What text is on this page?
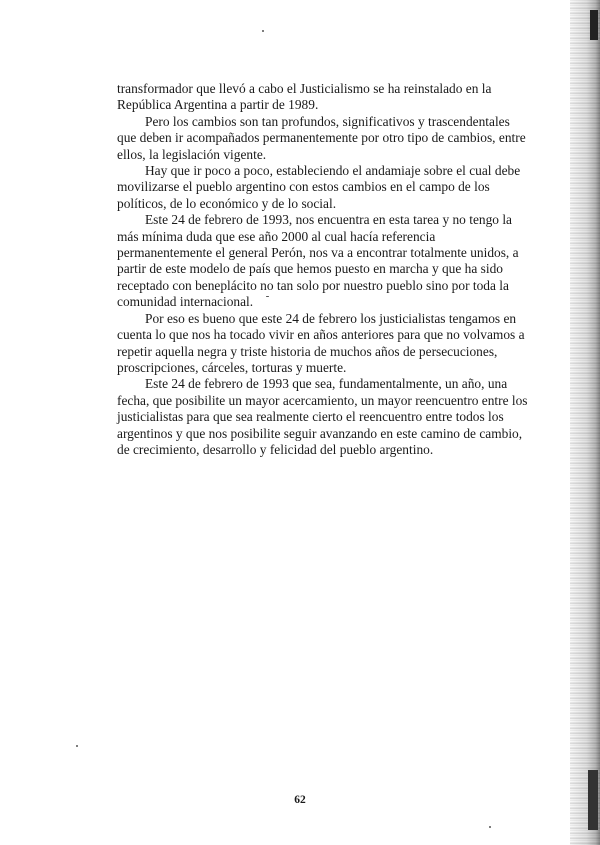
transformador que llevó a cabo el Justicialismo se ha reinstalado en la República Argentina a partir de 1989.

Pero los cambios son tan profundos, significativos y trascendentales que deben ir acompañados permanentemente por otro tipo de cambios, entre ellos, la legislación vigente.

Hay que ir poco a poco, estableciendo el andamiaje sobre el cual debe movilizarse el pueblo argentino con estos cambios en el campo de los políticos, de lo económico y de lo social.

Este 24 de febrero de 1993, nos encuentra en esta tarea y no tengo la más mínima duda que ese año 2000 al cual hacía referencia permanentemente el general Perón, nos va a encontrar totalmente unidos, a partir de este modelo de país que hemos puesto en marcha y que ha sido receptado con beneplácito no tan solo por nuestro pueblo sino por toda la comunidad internacional.

Por eso es bueno que este 24 de febrero los justicialistas tengamos en cuenta lo que nos ha tocado vivir en años anteriores para que no volvamos a repetir aquella negra y triste historia de muchos años de persecuciones, proscripciones, cárceles, torturas y muerte.

Este 24 de febrero de 1993 que sea, fundamentalmente, un año, una fecha, que posibilite un mayor acercamiento, un mayor reencuentro entre los justicialistas para que sea realmente cierto el reencuentro entre todos los argentinos y que nos posibilite seguir avanzando en este camino de cambio, de crecimiento, desarrollo y felicidad del pueblo argentino.

62
